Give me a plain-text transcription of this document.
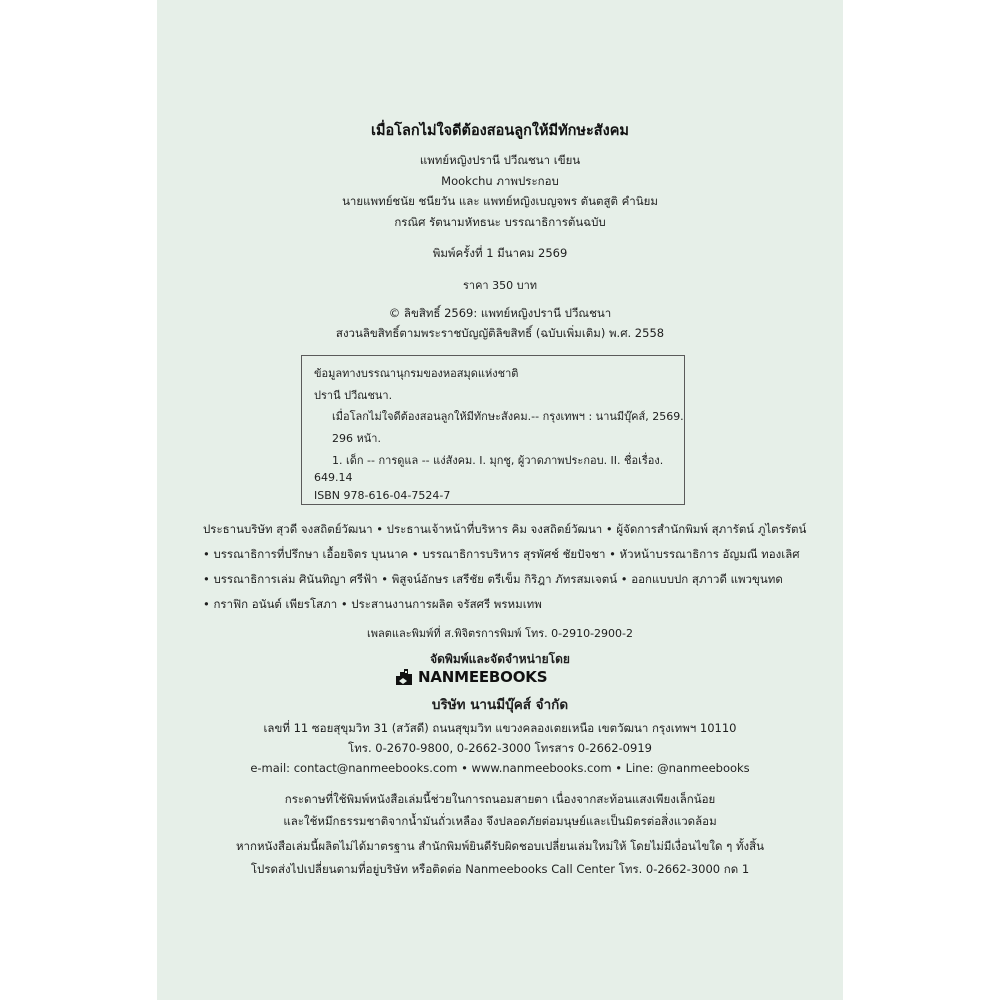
เมื่อโลกไม่ใจดีต้องสอนลูกให้มีทักษะสังคม
แพทย์หญิงปรานี ปวีณชนา เขียน
Mookchu ภาพประกอบ
นายแพทย์ชนัย ชนียวัน และ แพทย์หญิงเบญจพร ตันตสูติ คำนิยม
กรณิศ รัตนามหัทธนะ บรรณาธิการต้นฉบับ
พิมพ์ครั้งที่ 1 มีนาคม 2569
ราคา 350 บาท
© ลิขสิทธิ์ 2569: แพทย์หญิงปรานี ปวีณชนา
สงวนลิขสิทธิ์ตามพระราชบัญญัติลิขสิทธิ์ (ฉบับเพิ่มเติม) พ.ศ. 2558
ข้อมูลทางบรรณานุกรมของหอสมุดแห่งชาติ
ปรานี ปวีณชนา.
เมื่อโลกไม่ใจดีต้องสอนลูกให้มีทักษะสังคม.-- กรุงเทพฯ : นานมีบุ๊คส์, 2569.
296 หน้า.
1. เด็ก -- การดูแล -- แง่สังคม. I. มุกชู, ผู้วาดภาพประกอบ. II. ชื่อเรื่อง.
649.14
ISBN 978-616-04-7524-7
ประธานบริษัท สุวดี จงสถิตย์วัฒนา • ประธานเจ้าหน้าที่บริหาร คิม จงสถิตย์วัฒนา • ผู้จัดการสำนักพิมพ์ สุภารัตน์ ภูไตรรัตน์
• บรรณาธิการที่ปรึกษา เอื้อยจิตร บุนนาค • บรรณาธิการบริหาร สุรพัศช์ ชัยปัจชา • หัวหน้าบรรณาธิการ อัญมณี ทองเลิศ
• บรรณาธิการเล่ม ศินันทิญา ศรีฟ้า • พิสูจน์อักษร เสรีชัย ตรีเข็ม กิริฎา ภัทรสมเจตน์ • ออกแบบปก สุภาวดี แพวขุนทด
• กราฟิก อนันต์ เพียรโสภา • ประสานงานการผลิต จรัสศรี พรหมเทพ
เพลตและพิมพ์ที่ ส.พิจิตรการพิมพ์ โทร. 0-2910-2900-2
จัดพิมพ์และจัดจำหน่ายโดย
NANMEEBOOKS
บริษัท นานมีบุ๊คส์ จำกัด
เลขที่ 11 ซอยสุขุมวิท 31 (สวัสดี) ถนนสุขุมวิท แขวงคลองเตยเหนือ เขตวัฒนา กรุงเทพฯ 10110
โทร. 0-2670-9800, 0-2662-3000 โทรสาร 0-2662-0919
e-mail: contact@nanmeebooks.com • www.nanmeebooks.com • Line: @nanmeebooks
กระดาษที่ใช้พิมพ์หนังสือเล่มนี้ช่วยในการถนอมสายตา เนื่องจากสะท้อนแสงเพียงเล็กน้อย
และใช้หมึกธรรมชาติจากน้ำมันถั่วเหลือง จึงปลอดภัยต่อมนุษย์และเป็นมิตรต่อสิ่งแวดล้อม
หากหนังสือเล่มนี้ผลิตไม่ได้มาตรฐาน สำนักพิมพ์ยินดีรับผิดชอบเปลี่ยนเล่มใหม่ให้ โดยไม่มีเงื่อนไขใด ๆ ทั้งสิ้น
โปรดส่งไปเปลี่ยนตามที่อยู่บริษัท หรือติดต่อ Nanmeebooks Call Center โทร. 0-2662-3000 กด 1
